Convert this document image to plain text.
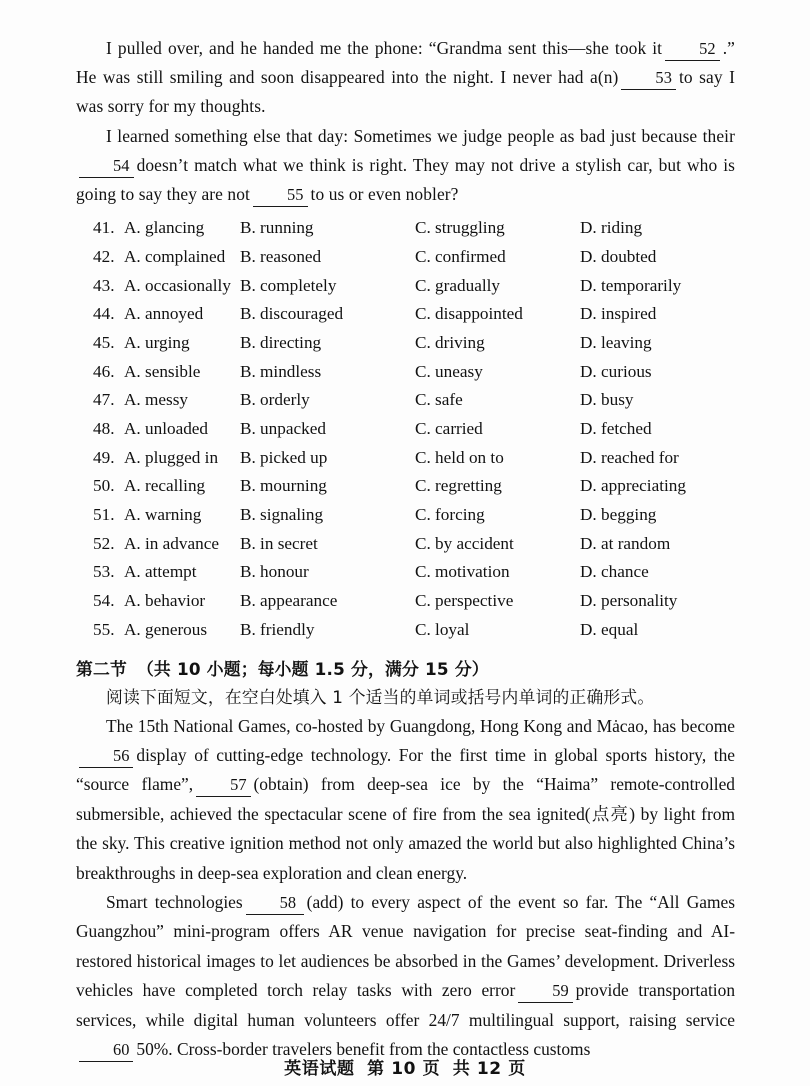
I pulled over, and he handed me the phone: “Grandma sent this—she took it 52 .” He was still smiling and soon disappeared into the night. I never had a(n) 53 to say I was sorry for my thoughts.

I learned something else that day: Sometimes we judge people as bad just because their54 doesn’t match what we think is right. They may not drive a stylish car, but who is going to say they are not 55 to us or even nobler?

41. A. glancing B. running	C. struggling	D. riding
42. A. complained B. reasoned	C. confirmed	D. doubted
43. A. occasionally B. completely	C. gradually	D. temporarily
44. A. annoyed B. discouraged	C. disappointed	D. inspired
45. A. urging	B. directing	C. driving	D. leaving
46. A. sensible B. mindless	C. uneasy	D. curious
47. A. messy	B. orderly	C. safe	D. busy
48. A. unloaded B. unpacked	C. carried	D. fetched
49. A. plugged in B. picked up	C. held on to	D. reached for
50. A. recalling B. mourning	C. regretting	D. appreciating
51. A. warning B. signaling	C. forcing	D. begging
52. A. in advance B. in secret	C. by accident	D. at random
53. A. attempt	B. honour	C. motivation	D. chance
54. A. behavior B. appearance	C. perspective	D. personality
55. A. generous B. friendly	C. loyal	D. equal
第二节 （共 10 小题；每小题 1.5 分，满分 15 分）
阅读下面短文，在空白处填入 1 个适当的单词或括号内单词的正确形式。

The 15th National Games, co-hosted by Guangdong, Hong Kong and Mȧcao, has become56 display of cutting-edge technology. For the first time in global sports history, the “source flame”, 57 (obtain) from deep-sea ice by the “Haima” remote-controlled submersible, achieved the spectacular scene of fire from the sea ignited(点亮) by light from the sky. This creative ignition method not only amazed the world but also highlighted China’s breakthroughs in deep-sea exploration and clean energy.

Smart technologies 58 (add) to every aspect of the event so far. The “All Games Guangzhou” mini-program offers AR venue navigation for precise seat-finding and AI-restored historical images to let audiences be absorbed in the Games’ development. Driverless vehicles have completed torch relay tasks with zero error 59 provide transportation services, while digital human volunteers offer 24/7 multilingual support, raising service60 50%. Cross-border travelers benefit from the contactless customs

英语试题 第 10 页 共 12 页
